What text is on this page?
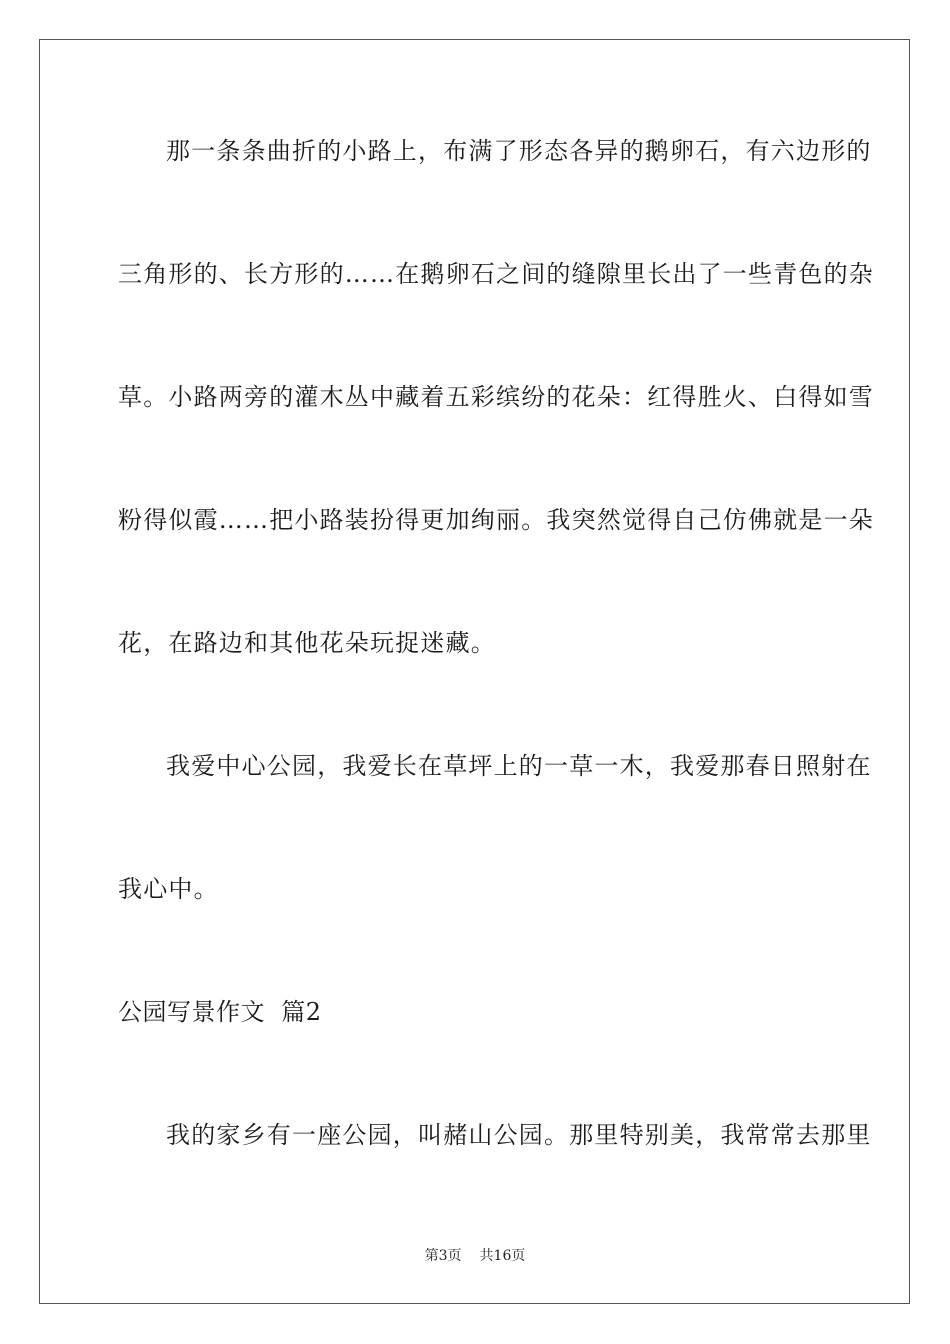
那一条条曲折的小路上，布满了形态各异的鹅卵石，有六边形的
三角形的、长方形的……在鹅卵石之间的缝隙里长出了一些青色的杂
草。小路两旁的灌木丛中藏着五彩缤纷的花朵：红得胜火、白得如雪
粉得似霞……把小路装扮得更加绚丽。我突然觉得自己仿佛就是一朵
花，在路边和其他花朵玩捉迷藏。
我爱中心公园，我爱长在草坪上的一草一木，我爱那春日照射在
我心中。
公园写景作文  篇2
我的家乡有一座公园，叫赭山公园。那里特别美，我常常去那里
第3页 共16页
